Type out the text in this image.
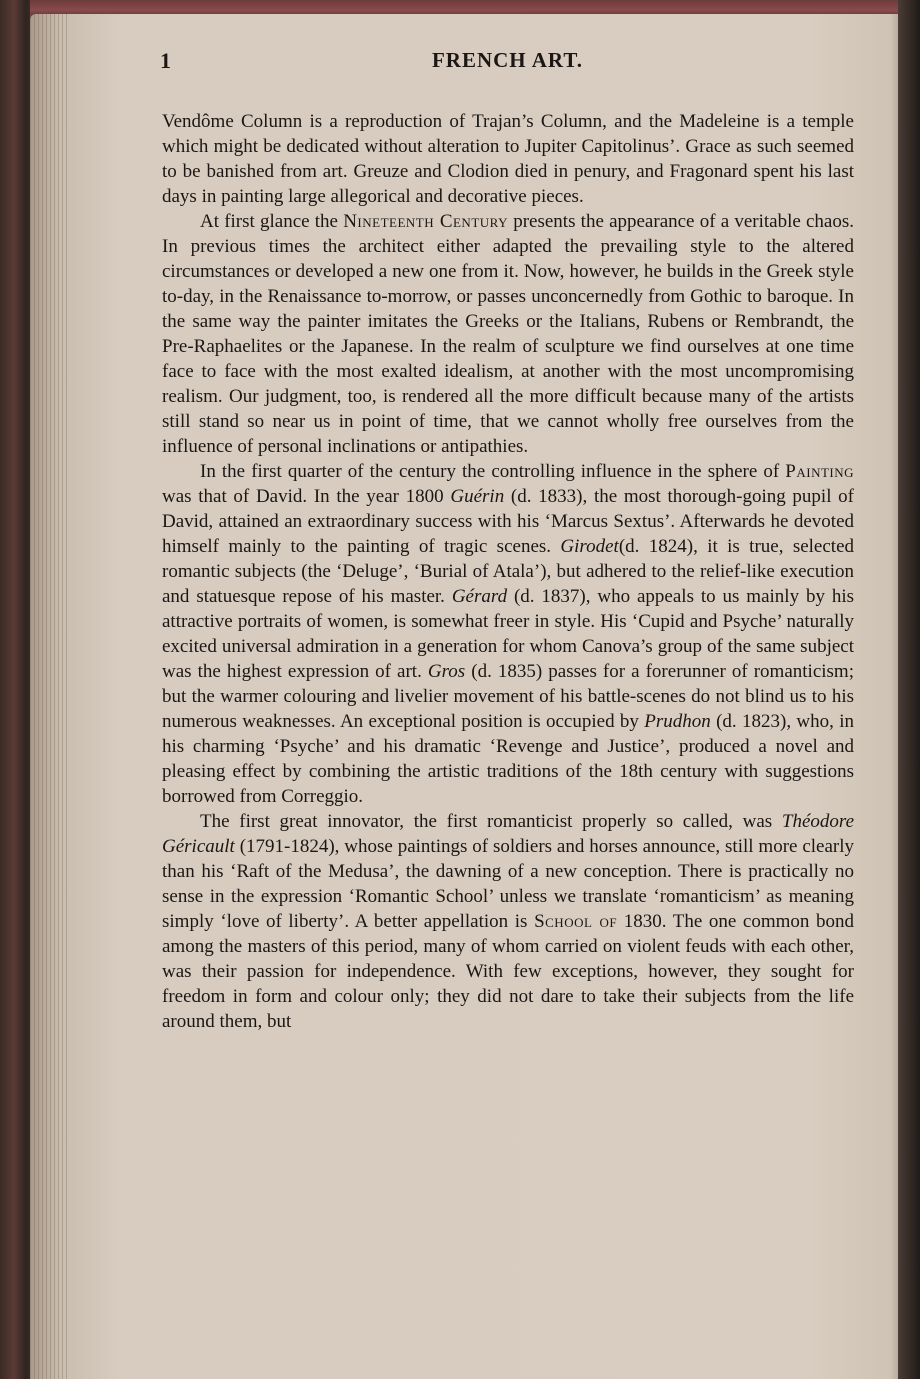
1	FRENCH ART.

Vendôme Column is a reproduction of Trajan’s Column, and the Madeleine is a temple which might be dedicated without alteration to Jupiter Capitolinus’. Grace as such seemed to be banished from art. Greuze and Clodion died in penury, and Fragonard spent his last days in painting large allegorical and decorative pieces.

At first glance the Nineteenth Century presents the appearance of a veritable chaos. In previous times the architect either adapted the prevailing style to the altered circumstances or developed a new one from it. Now, however, he builds in the Greek style to-day, in the Renaissance to-morrow, or passes unconcernedly from Gothic to baroque. In the same way the painter imitates the Greeks or the Italians, Rubens or Rembrandt, the Pre-Raphaelites or the Japanese. In the realm of sculpture we find ourselves at one time face to face with the most exalted idealism, at another with the most uncompromising realism. Our judgment, too, is rendered all the more difficult because many of the artists still stand so near us in point of time, that we cannot wholly free ourselves from the influence of personal inclinations or antipathies.

In the first quarter of the century the controlling influence in the sphere of Painting was that of David. In the year 1800 Guérin (d. 1833), the most thorough-going pupil of David, attained an extraordinary success with his ‘Marcus Sextus’. Afterwards he devoted himself mainly to the painting of tragic scenes. Girodet(d. 1824), it is true, selected romantic subjects (the ‘Deluge’, ‘Burial of Atala’), but adhered to the relief-like execution and statuesque repose of his master. Gérard (d. 1837), who appeals to us mainly by his attractive portraits of women, is somewhat freer in style. His ‘Cupid and Psyche’ naturally excited universal admiration in a generation for whom Canova’s group of the same subject was the highest expression of art. Gros (d. 1835) passes for a forerunner of romanticism; but the warmer colouring and livelier movement of his battle-scenes do not blind us to his numerous weaknesses. An exceptional position is occupied by Prudhon (d. 1823), who, in his charming ‘Psyche’ and his dramatic ‘Revenge and Justice’, produced a novel and pleasing effect by combining the artistic traditions of the 18th century with suggestions borrowed from Correggio.

The first great innovator, the first romanticist properly so called, was Théodore Géricault (1791-1824), whose paintings of soldiers and horses announce, still more clearly than his ‘Raft of the Medusa’, the dawning of a new conception. There is practically no sense in the expression ‘Romantic School’ unless we translate ‘romanticism’ as meaning simply ‘love of liberty’. A better appellation is School of 1830. The one common bond among the masters of this period, many of whom carried on violent feuds with each other, was their passion for independence. With few exceptions, however, they sought for freedom in form and colour only; they did not dare to take their subjects from the life around them, but
